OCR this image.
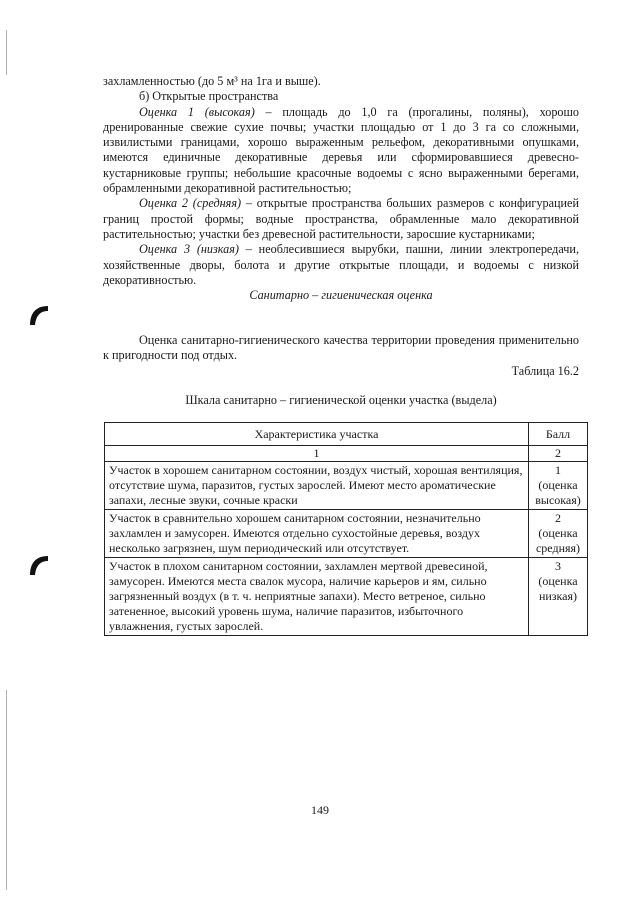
захламленностью (до 5 м³ на 1га и выше).

б) Открытые пространства

Оценка 1 (высокая) – площадь до 1,0 га (прогалины, поляны), хорошо дренированные свежие сухие почвы; участки площадью от 1 до 3 га со сложными, извилистыми границами, хорошо выраженным рельефом, декоративными опушками, имеются единичные декоративные деревья или сформировавшиеся древесно-кустарниковые группы; небольшие красочные водоемы с ясно выраженными берегами, обрамленными декоративной растительностью;

Оценка 2 (средняя) – открытые пространства больших размеров с конфигурацией границ простой формы; водные пространства, обрамленные мало декоративной растительностью; участки без древесной растительности, заросшие кустарниками;

Оценка 3 (низкая) – необлесившиеся вырубки, пашни, линии электропередачи, хозяйственные дворы, болота и другие открытые площади, и водоемы с низкой декоративностью.

Санитарно – гигиеническая оценка

Оценка санитарно-гигиенического качества территории проведения применительно к пригодности под отдых.

Таблица 16.2

Шкала санитарно – гигиенической оценки участка (выдела)

Характеристика участка	Балл
1	2
Участок в хорошем санитарном состоянии, воздух чистый, хорошая вентиляция, отсутствие шума, паразитов, густых зарослей. Имеют место ароматические запахи, лесные звуки, сочные краски	1
(оценка высокая)

Участок в сравнительно хорошем санитарном состоянии, незначительно захламлен и замусорен. Имеются отдельно сухостойные деревья, воздух несколько загрязнен, шум периодический или отсутствует.	2
(оценка средняя)

Участок в плохом санитарном состоянии, захламлен мертвой древесиной, замусорен. Имеются места свалок мусора, наличие карьеров и ям, сильно загрязненный воздух (в т. ч. неприятные запахи). Место ветреное, сильно затененное, высокий уровень шума, наличие паразитов, избыточного увлажнения, густых зарослей.	3
(оценка низкая)
149
